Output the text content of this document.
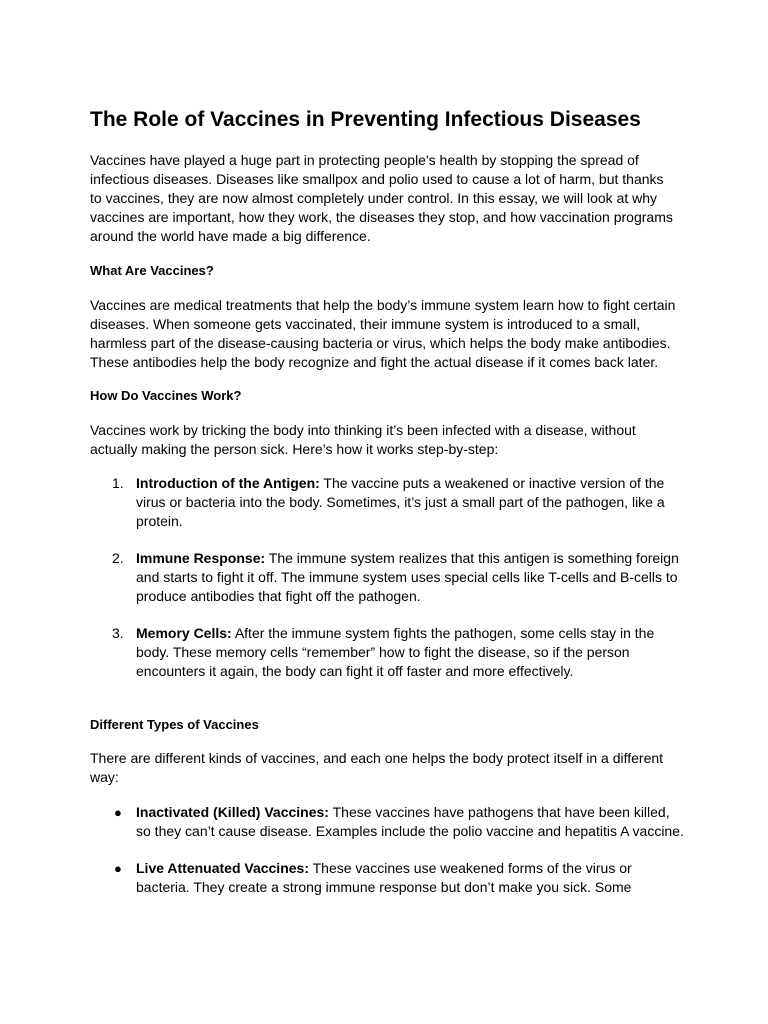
The Role of Vaccines in Preventing Infectious Diseases

Vaccines have played a huge part in protecting people's health by stopping the spread of infectious diseases. Diseases like smallpox and polio used to cause a lot of harm, but thanks to vaccines, they are now almost completely under control. In this essay, we will look at why vaccines are important, how they work, the diseases they stop, and how vaccination programs around the world have made a big difference.

What Are Vaccines?

Vaccines are medical treatments that help the body’s immune system learn how to fight certain diseases. When someone gets vaccinated, their immune system is introduced to a small, harmless part of the disease-causing bacteria or virus, which helps the body make antibodies. These antibodies help the body recognize and fight the actual disease if it comes back later.

How Do Vaccines Work?

Vaccines work by tricking the body into thinking it’s been infected with a disease, without actually making the person sick. Here’s how it works step-by-step:

1. Introduction of the Antigen: The vaccine puts a weakened or inactive version of the virus or bacteria into the body. Sometimes, it’s just a small part of the pathogen, like a protein.
2. Immune Response: The immune system realizes that this antigen is something foreign and starts to fight it off. The immune system uses special cells like T-cells and B-cells to produce antibodies that fight off the pathogen.
3. Memory Cells: After the immune system fights the pathogen, some cells stay in the body. These memory cells “remember” how to fight the disease, so if the person encounters it again, the body can fight it off faster and more effectively.
Different Types of Vaccines

There are different kinds of vaccines, and each one helps the body protect itself in a different way:

● Inactivated (Killed) Vaccines: These vaccines have pathogens that have been killed, so they can’t cause disease. Examples include the polio vaccine and hepatitis A vaccine.
● Live Attenuated Vaccines: These vaccines use weakened forms of the virus or bacteria. They create a strong immune response but don’t make you sick. Some
